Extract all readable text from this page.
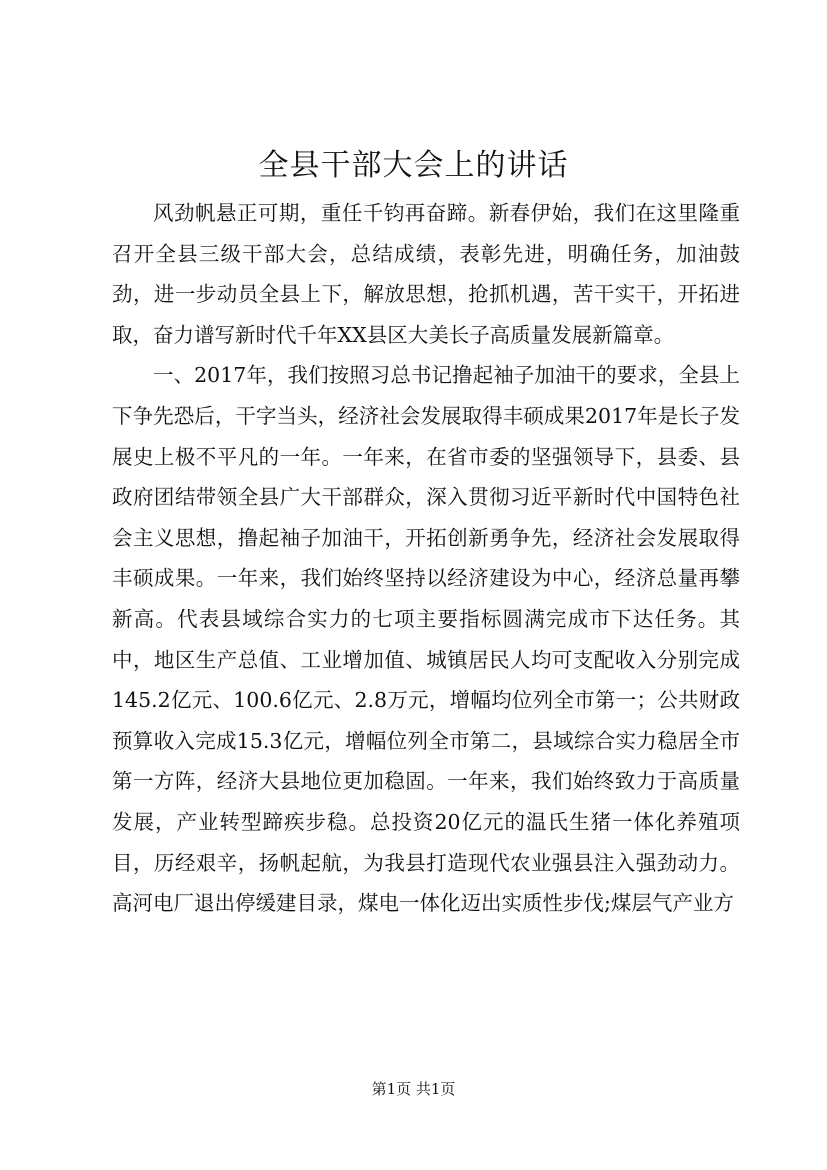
全县干部大会上的讲话

风劲帆悬正可期，重任千钧再奋蹄。新春伊始，我们在这里隆重召开全县三级干部大会，总结成绩，表彰先进，明确任务，加油鼓劲，进一步动员全县上下，解放思想，抢抓机遇，苦干实干，开拓进取，奋力谱写新时代千年XX县区大美长子高质量发展新篇章。

一、2017年，我们按照习总书记撸起袖子加油干的要求，全县上下争先恐后，干字当头，经济社会发展取得丰硕成果2017年是长子发展史上极不平凡的一年。一年来，在省市委的坚强领导下，县委、县政府团结带领全县广大干部群众，深入贯彻习近平新时代中国特色社会主义思想，撸起袖子加油干，开拓创新勇争先，经济社会发展取得丰硕成果。一年来，我们始终坚持以经济建设为中心，经济总量再攀新高。代表县域综合实力的七项主要指标圆满完成市下达任务。其中，地区生产总值、工业增加值、城镇居民人均可支配收入分别完成145.2亿元、100.6亿元、2.8万元，增幅均位列全市第一；公共财政预算收入完成15.3亿元，增幅位列全市第二，县域综合实力稳居全市第一方阵，经济大县地位更加稳固。一年来，我们始终致力于高质量发展，产业转型蹄疾步稳。总投资20亿元的温氏生猪一体化养殖项目，历经艰辛，扬帆起航，为我县打造现代农业强县注入强劲动力。高河电厂退出停缓建目录，煤电一体化迈出实质性步伐;煤层气产业方

第1页 共1页
